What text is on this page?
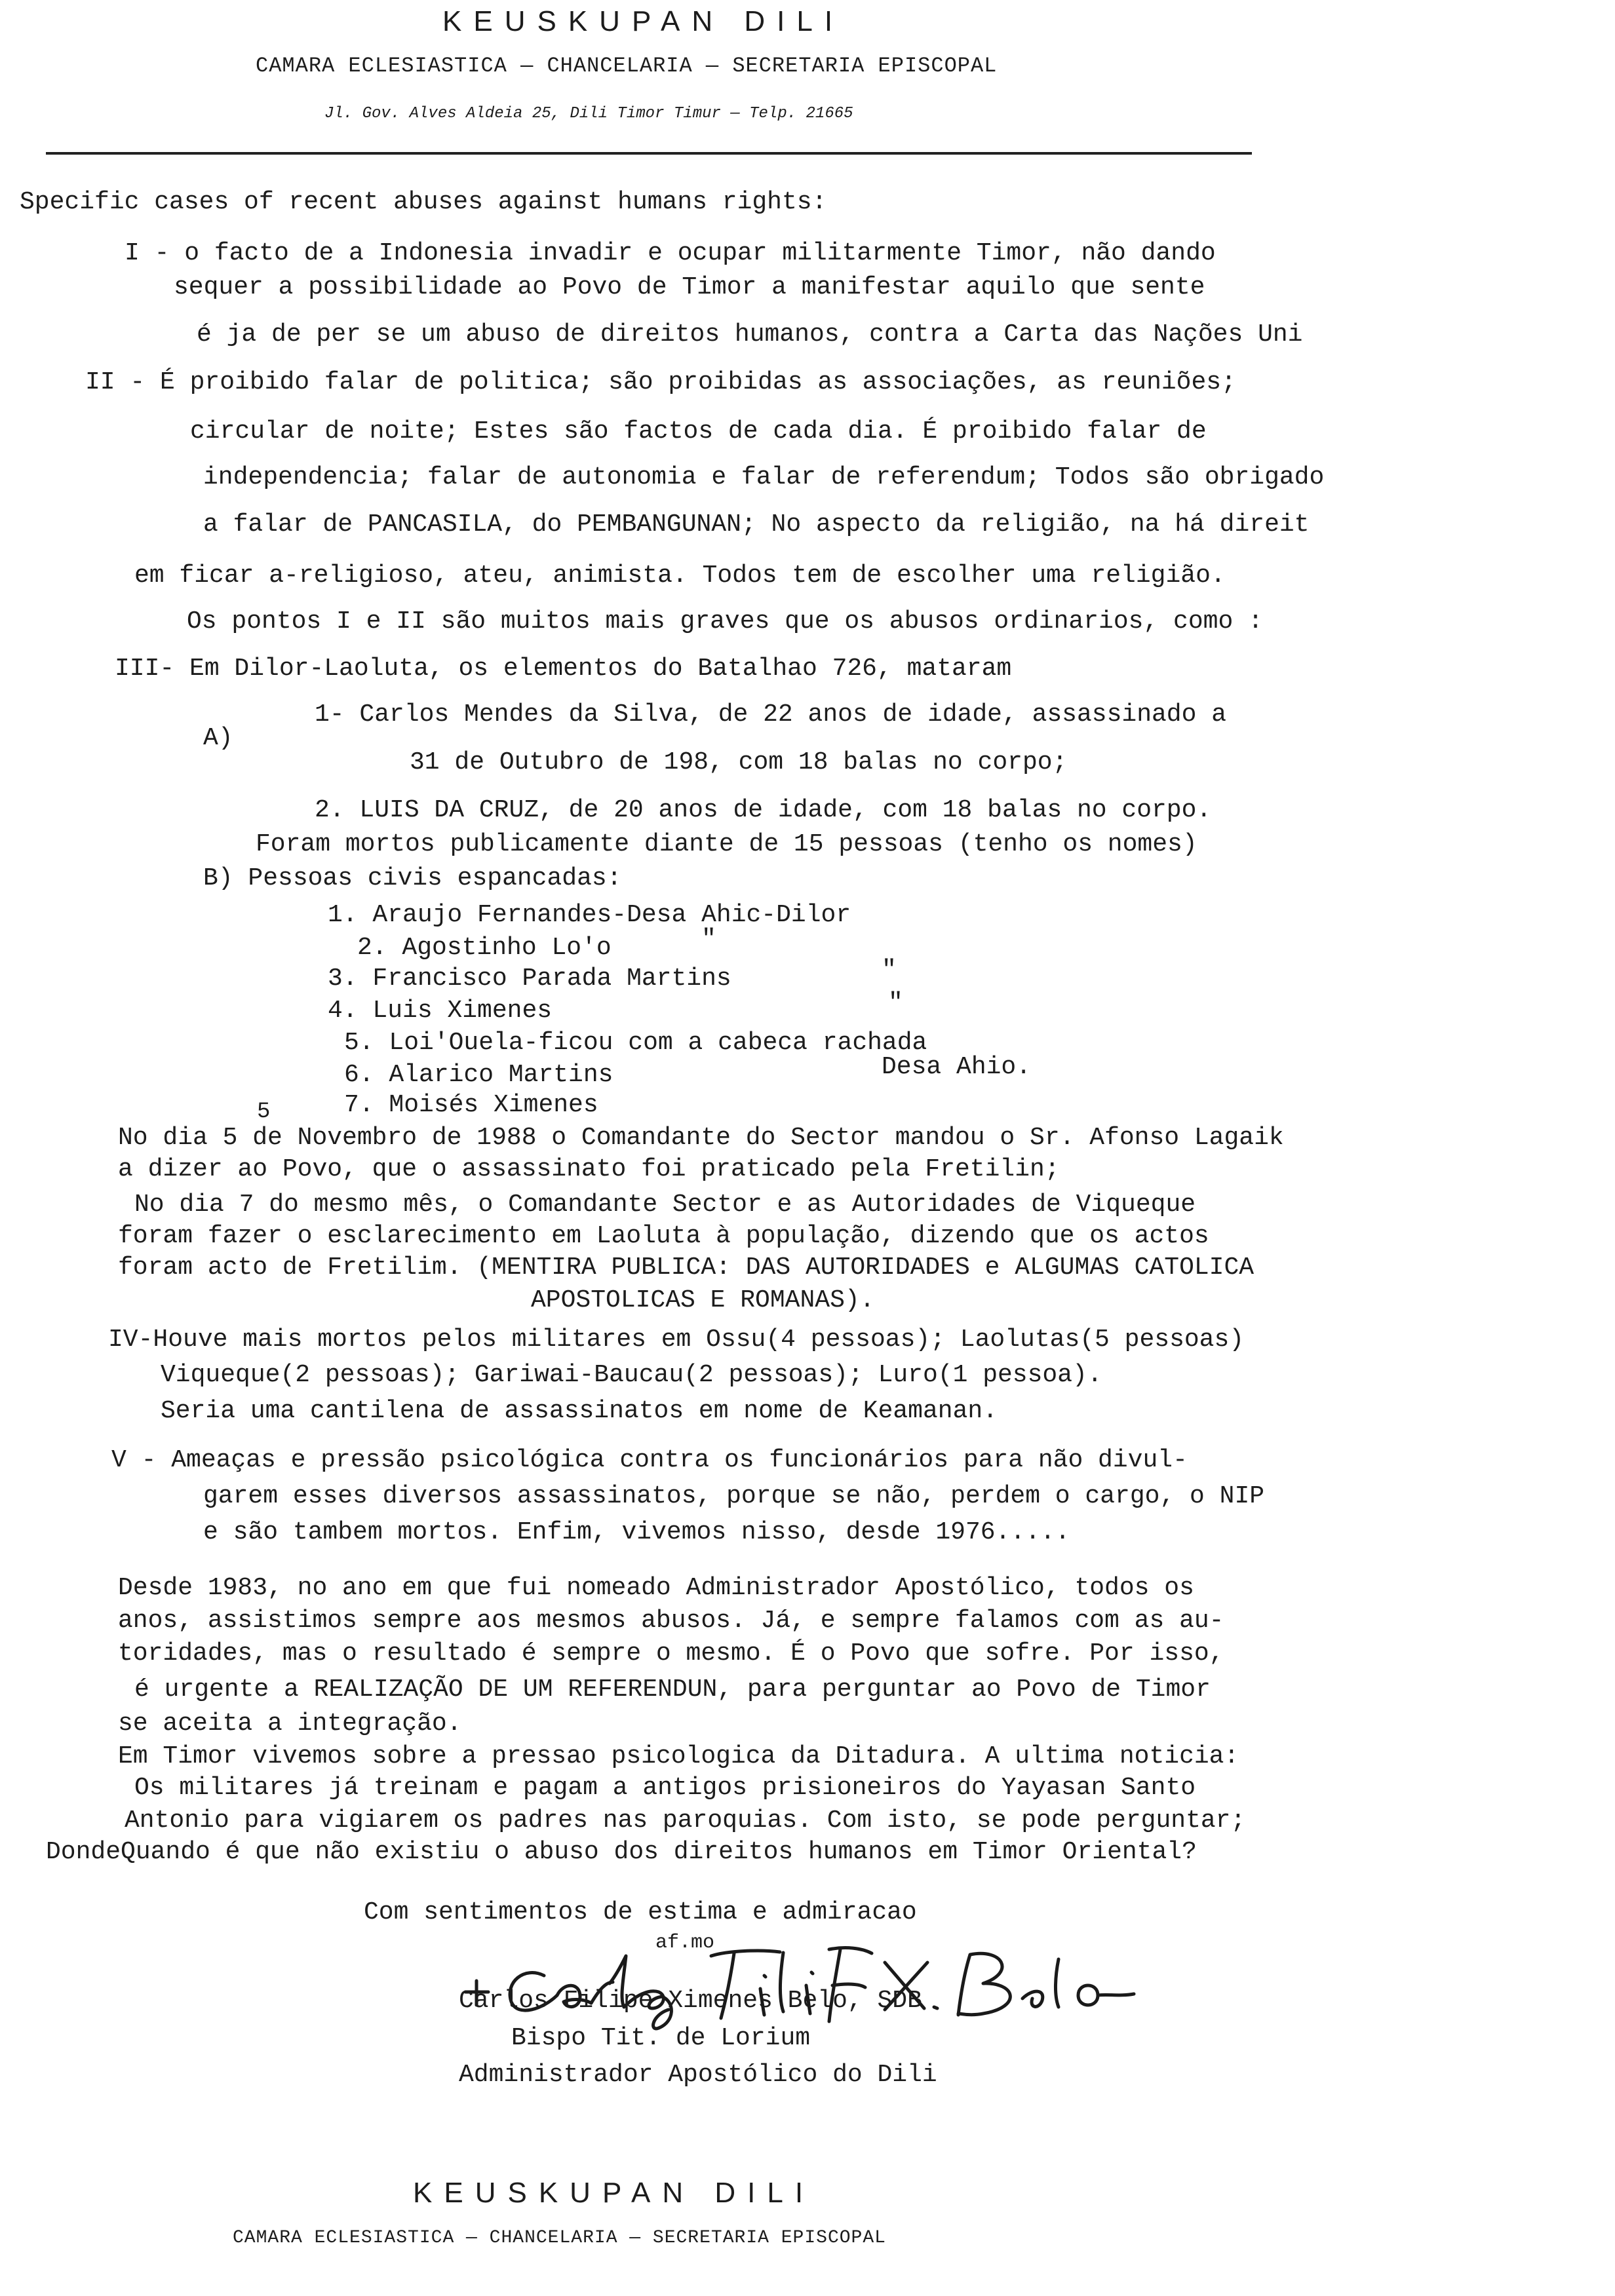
KEUSKUPAN DILI
CAMARA ECLESIASTICA — CHANCELARIA — SECRETARIA EPISCOPAL
Jl. Gov. Alves Aldeia 25, Dili Timor Timur — Telp. 21665
Specific cases of recent abuses against humans rights:
I - o facto de a Indonesia invadir e ocupar militarmente Timor, não dando
sequer a possibilidade ao Povo de Timor a manifestar aquilo que sente
é ja de per se um abuso de direitos humanos, contra a Carta das Nações Uni
II - É proibido falar de politica; são proibidas as associações, as reuniões;
circular de noite; Estes são factos de cada dia. É proibido falar de
independencia; falar de autonomia e falar de referendum; Todos são obrigado
a falar de PANCASILA, do PEMBANGUNAN; No aspecto da religião, na há direit
em ficar a-religioso, ateu, animista. Todos tem de escolher uma religião.
Os pontos I e II são muitos mais graves que os abusos ordinarios, como :
III- Em Dilor-Laoluta, os elementos do Batalhao 726, mataram
A)
1- Carlos Mendes da Silva, de 22 anos de idade, assassinado a
31 de Outubro de 198, com 18 balas no corpo;
2. LUIS DA CRUZ, de 20 anos de idade, com 18 balas no corpo.
Foram mortos publicamente diante de 15 pessoas (tenho os nomes)
B) Pessoas civis espancadas:
1. Araujo Fernandes-Desa Ahic-Dilor
2. Agostinho Lo'o	"
3. Francisco Parada Martins	"
4. Luis Ximenes	"
5. Loi'Ouela-ficou com a cabeca rachada
6. Alarico Martins	Desa Ahio.
7. Moisés Ximenes
5
No dia 5 de Novembro de 1988 o Comandante do Sector mandou o Sr. Afonso Lagaik
a dizer ao Povo, que o assassinato foi praticado pela Fretilin;
No dia 7 do mesmo mês, o Comandante Sector e as Autoridades de Viqueque
foram fazer o esclarecimento em Laoluta à população, dizendo que os actos
foram acto de Fretilim. (MENTIRA PUBLICA: DAS AUTORIDADES e ALGUMAS CATOLICA
APOSTOLICAS E ROMANAS).
IV-Houve mais mortos pelos militares em Ossu(4 pessoas); Laolutas(5 pessoas)
Viqueque(2 pessoas); Gariwai-Baucau(2 pessoas); Luro(1 pessoa).
Seria uma cantilena de assassinatos em nome de Keamanan.
V - Ameaças e pressão psicológica contra os funcionários para não divul-
garem esses diversos assassinatos, porque se não, perdem o cargo, o NIP
e são tambem mortos. Enfim, vivemos nisso, desde 1976.....
Desde 1983, no ano em que fui nomeado Administrador Apostólico, todos os
anos, assistimos sempre aos mesmos abusos. Já, e sempre falamos com as au-
toridades, mas o resultado é sempre o mesmo. É o Povo que sofre. Por isso,
é urgente a REALIZAÇÃO DE UM REFERENDUN, para perguntar ao Povo de Timor
se aceita a integração.
Em Timor vivemos sobre a pressao psicologica da Ditadura. A ultima noticia:
Os militares já treinam e pagam a antigos prisioneiros do Yayasan Santo
Antonio para vigiarem os padres nas paroquias. Com isto, se pode perguntar;
DondeQuando é que não existiu o abuso dos direitos humanos em Timor Oriental?
Com sentimentos de estima e admiracao
af.mo
Carlos Filipe Ximenes Belo, SDB
Bispo Tit. de Lorium
Administrador Apostólico do Dili
KEUSKUPAN DILI
CAMARA ECLESIASTICA — CHANCELARIA — SECRETARIA EPISCOPAL
